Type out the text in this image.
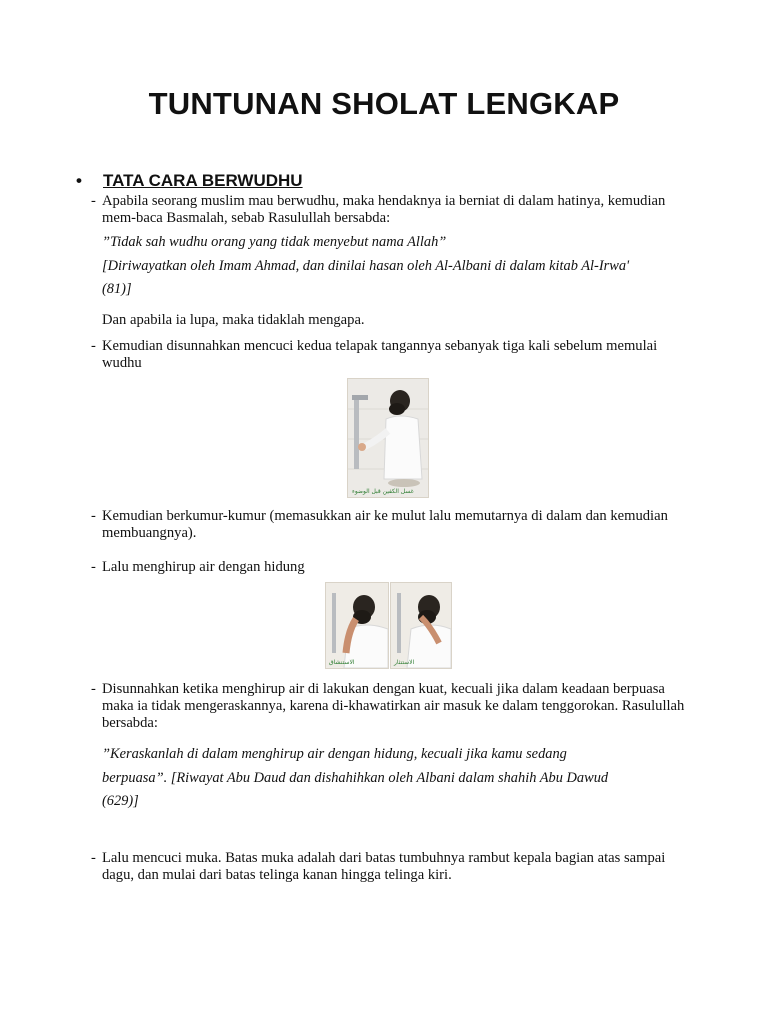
TUNTUNAN SHOLAT LENGKAP
• TATA CARA BERWUDHU
- Apabila seorang muslim mau berwudhu, maka hendaknya ia berniat di dalam hatinya, kemudian mem-baca Basmalah, sebab Rasulullah bersabda:
”Tidak sah wudhu orang yang tidak menyebut nama Allah”
[Diriwayatkan oleh Imam Ahmad, dan dinilai hasan oleh Al-Albani di dalam kitab Al-Irwa'
(81)]
Dan apabila ia lupa, maka tidaklah mengapa.
- Kemudian disunnahkan mencuci kedua telapak tangannya sebanyak tiga kali sebelum memulai wudhu
غسل الكفين قبل الوضوء
- Kemudian berkumur-kumur (memasukkan air ke mulut lalu memutarnya di dalam dan kemudian membuangnya).
- Lalu menghirup air dengan hidung
الاستنشاق	الاستنثار
- Disunnahkan ketika menghirup air di lakukan dengan kuat, kecuali jika dalam keadaan berpuasa maka ia tidak mengeraskannya, karena di-khawatirkan air masuk ke dalam tenggorokan. Rasulullah bersabda:
”Keraskanlah di dalam menghirup air dengan hidung, kecuali jika kamu sedang
berpuasa”. [Riwayat Abu Daud dan dishahihkan oleh Albani dalam shahih Abu Dawud
(629)]
- Lalu mencuci muka. Batas muka adalah dari batas tumbuhnya rambut kepala bagian atas sampai dagu, dan mulai dari batas telinga kanan hingga telinga kiri.
